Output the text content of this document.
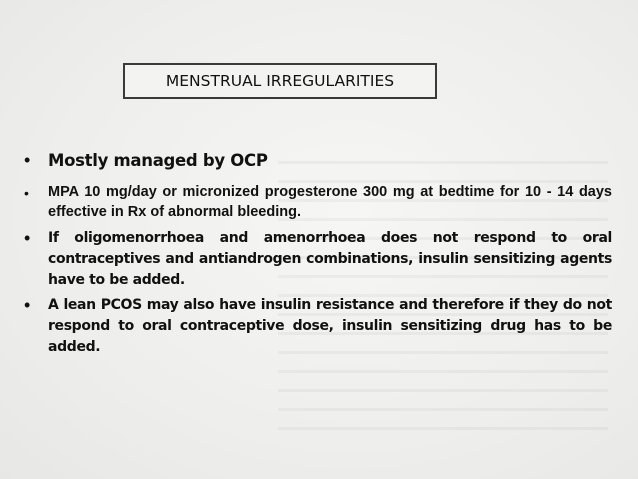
MENSTRUAL IRREGULARITIES
• Mostly managed by OCP
• MPA 10 mg/day or micronized progesterone 300 mg at bedtime for 10 - 14 days effective in Rx of abnormal bleeding.
• If oligomenorrhoea and amenorrhoea does not respond to oral contraceptives and antiandrogen combinations, insulin sensitizing agents have to be added.
• A lean PCOS may also have insulin resistance and therefore if they do not respond to oral contraceptive dose, insulin sensitizing drug has to be added.
